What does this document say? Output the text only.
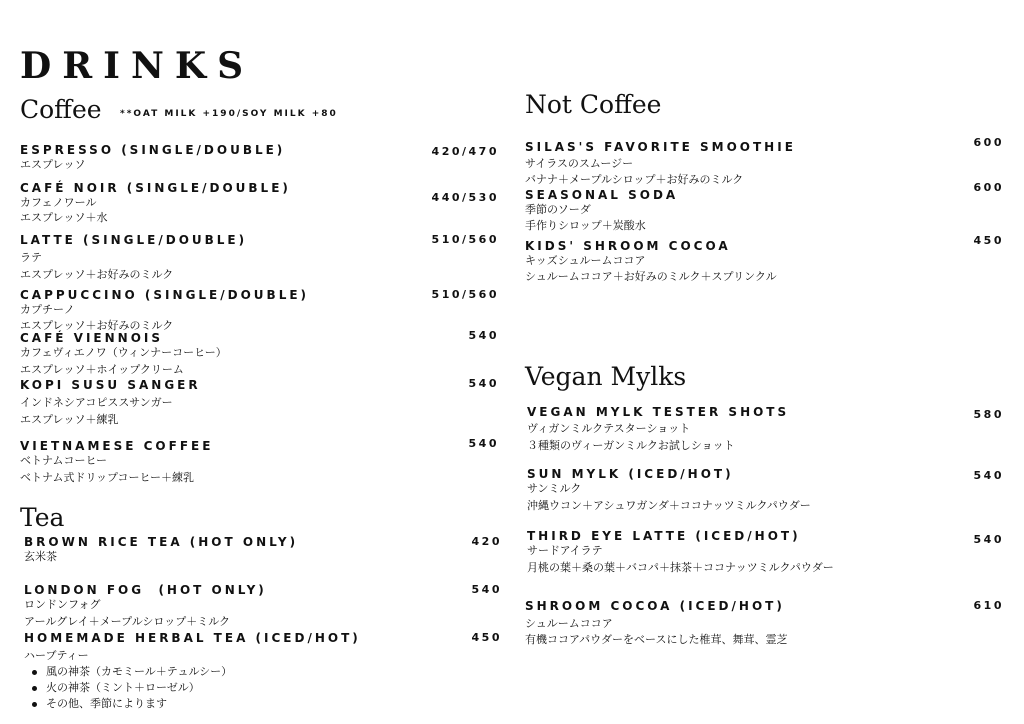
DRINKS
Coffee **OAT MILK +190/SOY MILK +80
ESPRESSO (SINGLE/DOUBLE)
エスプレッソ
420/470
CAFÉ NOIR (SINGLE/DOUBLE)
カフェノワール
エスプレッソ＋水
440/530
LATTE (SINGLE/DOUBLE)
ラテ
エスプレッソ＋お好みのミルク
510/560
CAPPUCCINO (SINGLE/DOUBLE)
カプチーノ
エスプレッソ＋お好みのミルク
510/560
CAFÉ VIENNOIS
カフェヴィエノワ（ウィンナーコーヒー）
エスプレッソ＋ホイップクリーム
540
KOPI SUSU SANGER
インドネシアコピススサンガー
エスプレッソ＋練乳
540
VIETNAMESE COFFEE
ベトナムコーヒー
ベトナム式ドリップコーヒー＋練乳
540
Tea
BROWN RICE TEA (HOT ONLY)
玄米茶
420
LONDON FOG  (HOT ONLY)
ロンドンフォグ
アールグレイ＋メープルシロップ＋ミルク
540
HOMEMADE HERBAL TEA (ICED/HOT)
ハーブティー
風の神茶（カモミール＋テュルシー）
火の神茶（ミント＋ローゼル）
その他、季節によります
450
Not Coffee
SILAS'S FAVORITE SMOOTHIE
サイラスのスムージー
バナナ＋メープルシロップ＋お好みのミルク
600
SEASONAL SODA
季節のソーダ
手作りシロップ＋炭酸水
600
KIDS' SHROOM COCOA
キッズシュルームココア
シュルームココア＋お好みのミルク＋スプリンクル
450
Vegan Mylks
VEGAN MYLK TESTER SHOTS
ヴィガンミルクテスターショット
３種類のヴィーガンミルクお試しショット
580
SUN MYLK (ICED/HOT)
サンミルク
沖縄ウコン＋アシュワガンダ＋ココナッツミルクパウダー
540
THIRD EYE LATTE (ICED/HOT)
サードアイラテ
月桃の葉＋桑の葉＋バコパ＋抹茶＋ココナッツミルクパウダー
540
SHROOM COCOA (ICED/HOT)
シュルームココア
有機ココアパウダーをベースにした椎茸、舞茸、霊芝
610
